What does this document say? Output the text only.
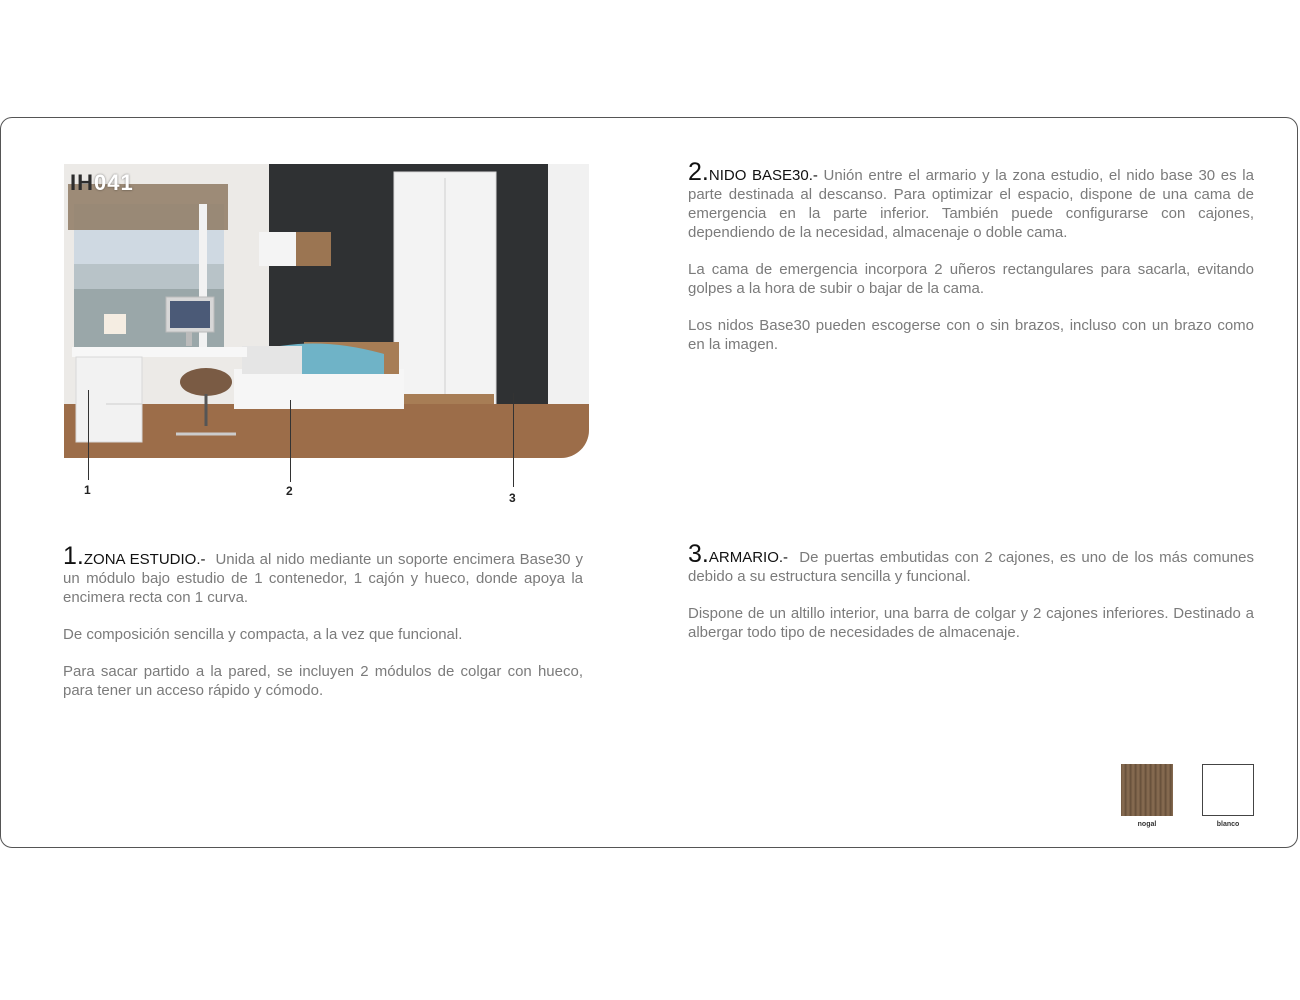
IH041
1	2	3

2.NIDO BASE30.- Unión entre el armario y la zona estudio, el nido base 30 es la parte destinada al descanso. Para optimizar el espacio, dispone de una cama de emergencia en la parte inferior. También puede configurarse con cajones, dependiendo de la necesidad, almacenaje o doble cama.

La cama de emergencia incorpora 2 uñeros rectangulares para sacarla, evitando golpes a la hora de subir o bajar de la cama.

Los nidos Base30 pueden escogerse con o sin brazos, incluso con un brazo como en la imagen.

1.ZONA ESTUDIO.- Unida al nido mediante un soporte encimera Base30 y un módulo bajo estudio de 1 contenedor, 1 cajón y hueco, donde apoya la encimera recta con 1 curva.

De composición sencilla y compacta, a la vez que funcional.

Para sacar partido a la pared, se incluyen 2 módulos de colgar con hueco, para tener un acceso rápido y cómodo.

3.ARMARIO.- De puertas embutidas con 2 cajones, es uno de los más comunes debido a su estructura sencilla y funcional.

Dispone de un altillo interior, una barra de colgar y 2 cajones inferiores. Destinado a albergar todo tipo de necesidades de almacenaje.

nogal	blanco
